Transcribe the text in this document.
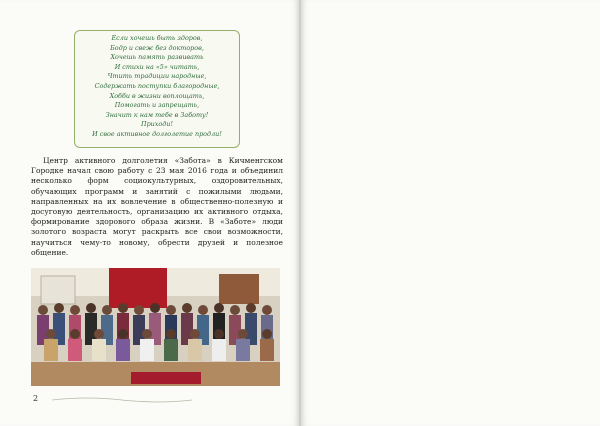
Если хочешь быть здоров,
Бодр и свеж без докторов,
Хочешь память развивать
И стихи на «5» читать,
Чтить традиции народные,
Содержать поступки благородные,
Хобби в жизни воплощать,
Помогать и запрещать,
Значит к нам тебе в Заботу!
Приходи!
И свое активное долголетие продли!

Центр активного долголетия «Забота» в Кичменгском Городке начал свою работу с 23 мая 2016 года и объединил несколько форм социокультурных, оздоровительных, обучающих программ и занятий с пожилыми людьми, направленных на их вовлечение в общественно-полезную и досуговую деятельность, организацию их активного отдыха, формирование здорового образа жизни. В «Заботе» люди золотого возраста могут раскрыть все свои возможности, научиться чему-то новому, обрести друзей и полезное общение.

2
